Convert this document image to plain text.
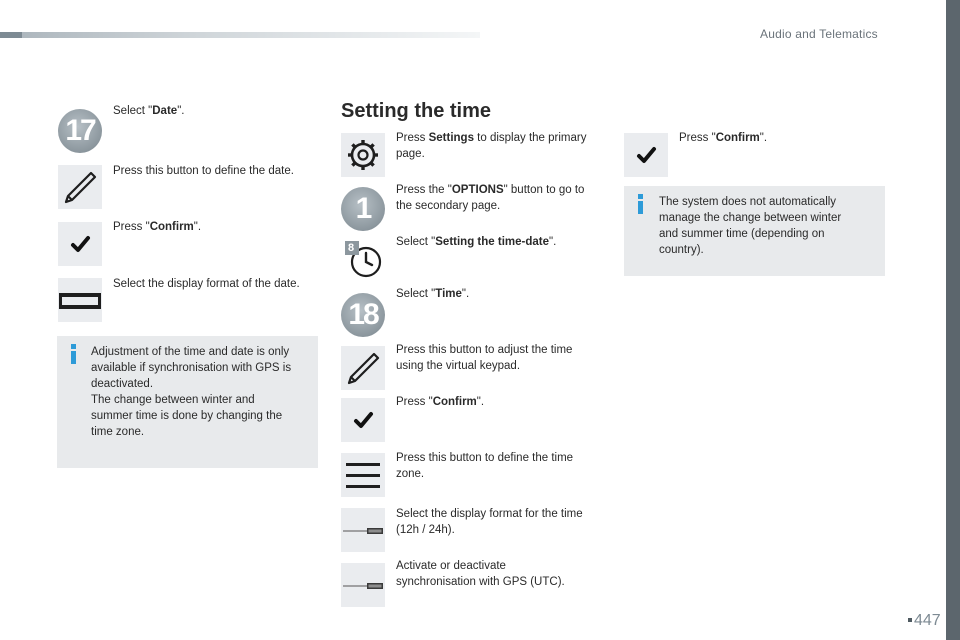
Audio and Telematics
17
Select "Date".
Press this button to define the date.
Press "Confirm".
Select the display format of the date.
Adjustment of the time and date is only
available if synchronisation with GPS is
deactivated.
The change between winter and
summer time is done by changing the
time zone.
Setting the time
Press Settings to display the primary
page.
1
Press the "OPTIONS" button to go to
the secondary page.
8	Select "Setting the time-date".
18
Select "Time".
Press this button to adjust the time
using the virtual keypad.
Press "Confirm".
Press this button to define the time
zone.
Select the display format for the time
(12h / 24h).
Activate or deactivate
synchronisation with GPS (UTC).
Press "Confirm".
The system does not automatically
manage the change between winter
and summer time (depending on
country).
447
